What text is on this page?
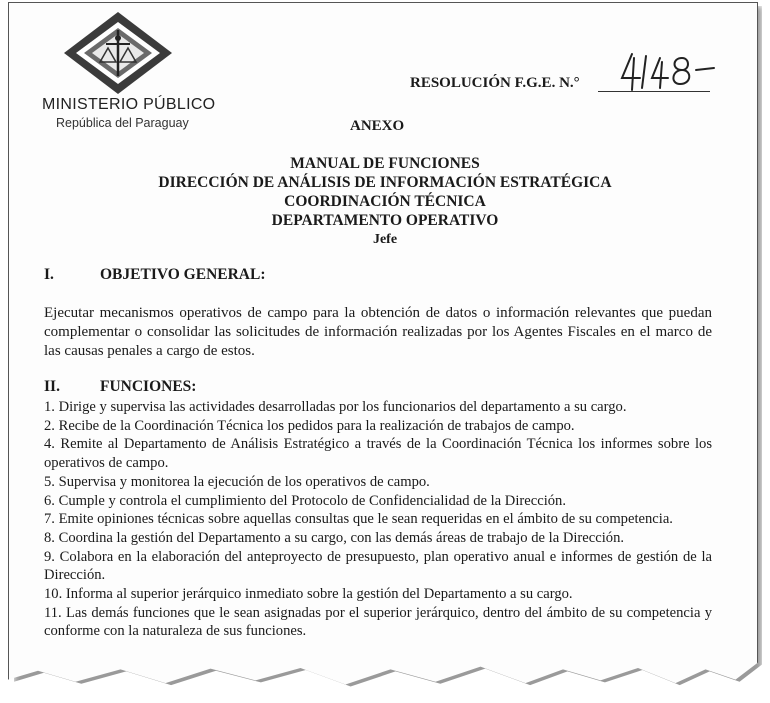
MINISTERIO PÚBLICO
República del Paraguay
RESOLUCIÓN F.G.E. N.°
ANEXO
MANUAL DE FUNCIONES
DIRECCIÓN DE ANÁLISIS DE INFORMACIÓN ESTRATÉGICA
COORDINACIÓN TÉCNICA
DEPARTAMENTO OPERATIVO
Jefe
I.	OBJETIVO GENERAL:
Ejecutar mecanismos operativos de campo para la obtención de datos o información relevantes que puedan complementar o consolidar las solicitudes de información realizadas por los Agentes Fiscales en el marco de las causas penales a cargo de estos.
II.	FUNCIONES:

1. Dirige y supervisa las actividades desarrolladas por los funcionarios del departamento a su cargo.

2. Recibe de la Coordinación Técnica los pedidos para la realización de trabajos de campo.

4. Remite al Departamento de Análisis Estratégico a través de la Coordinación Técnica los informes sobre los operativos de campo.

5. Supervisa y monitorea la ejecución de los operativos de campo.

6. Cumple y controla el cumplimiento del Protocolo de Confidencialidad de la Dirección.

7. Emite opiniones técnicas sobre aquellas consultas que le sean requeridas en el ámbito de su competencia.

8. Coordina la gestión del Departamento a su cargo, con las demás áreas de trabajo de la Dirección.

9. Colabora en la elaboración del anteproyecto de presupuesto, plan operativo anual e informes de gestión de la Dirección.

10. Informa al superior jerárquico inmediato sobre la gestión del Departamento a su cargo.

11. Las demás funciones que le sean asignadas por el superior jerárquico, dentro del ámbito de su competencia y conforme con la naturaleza de sus funciones.
